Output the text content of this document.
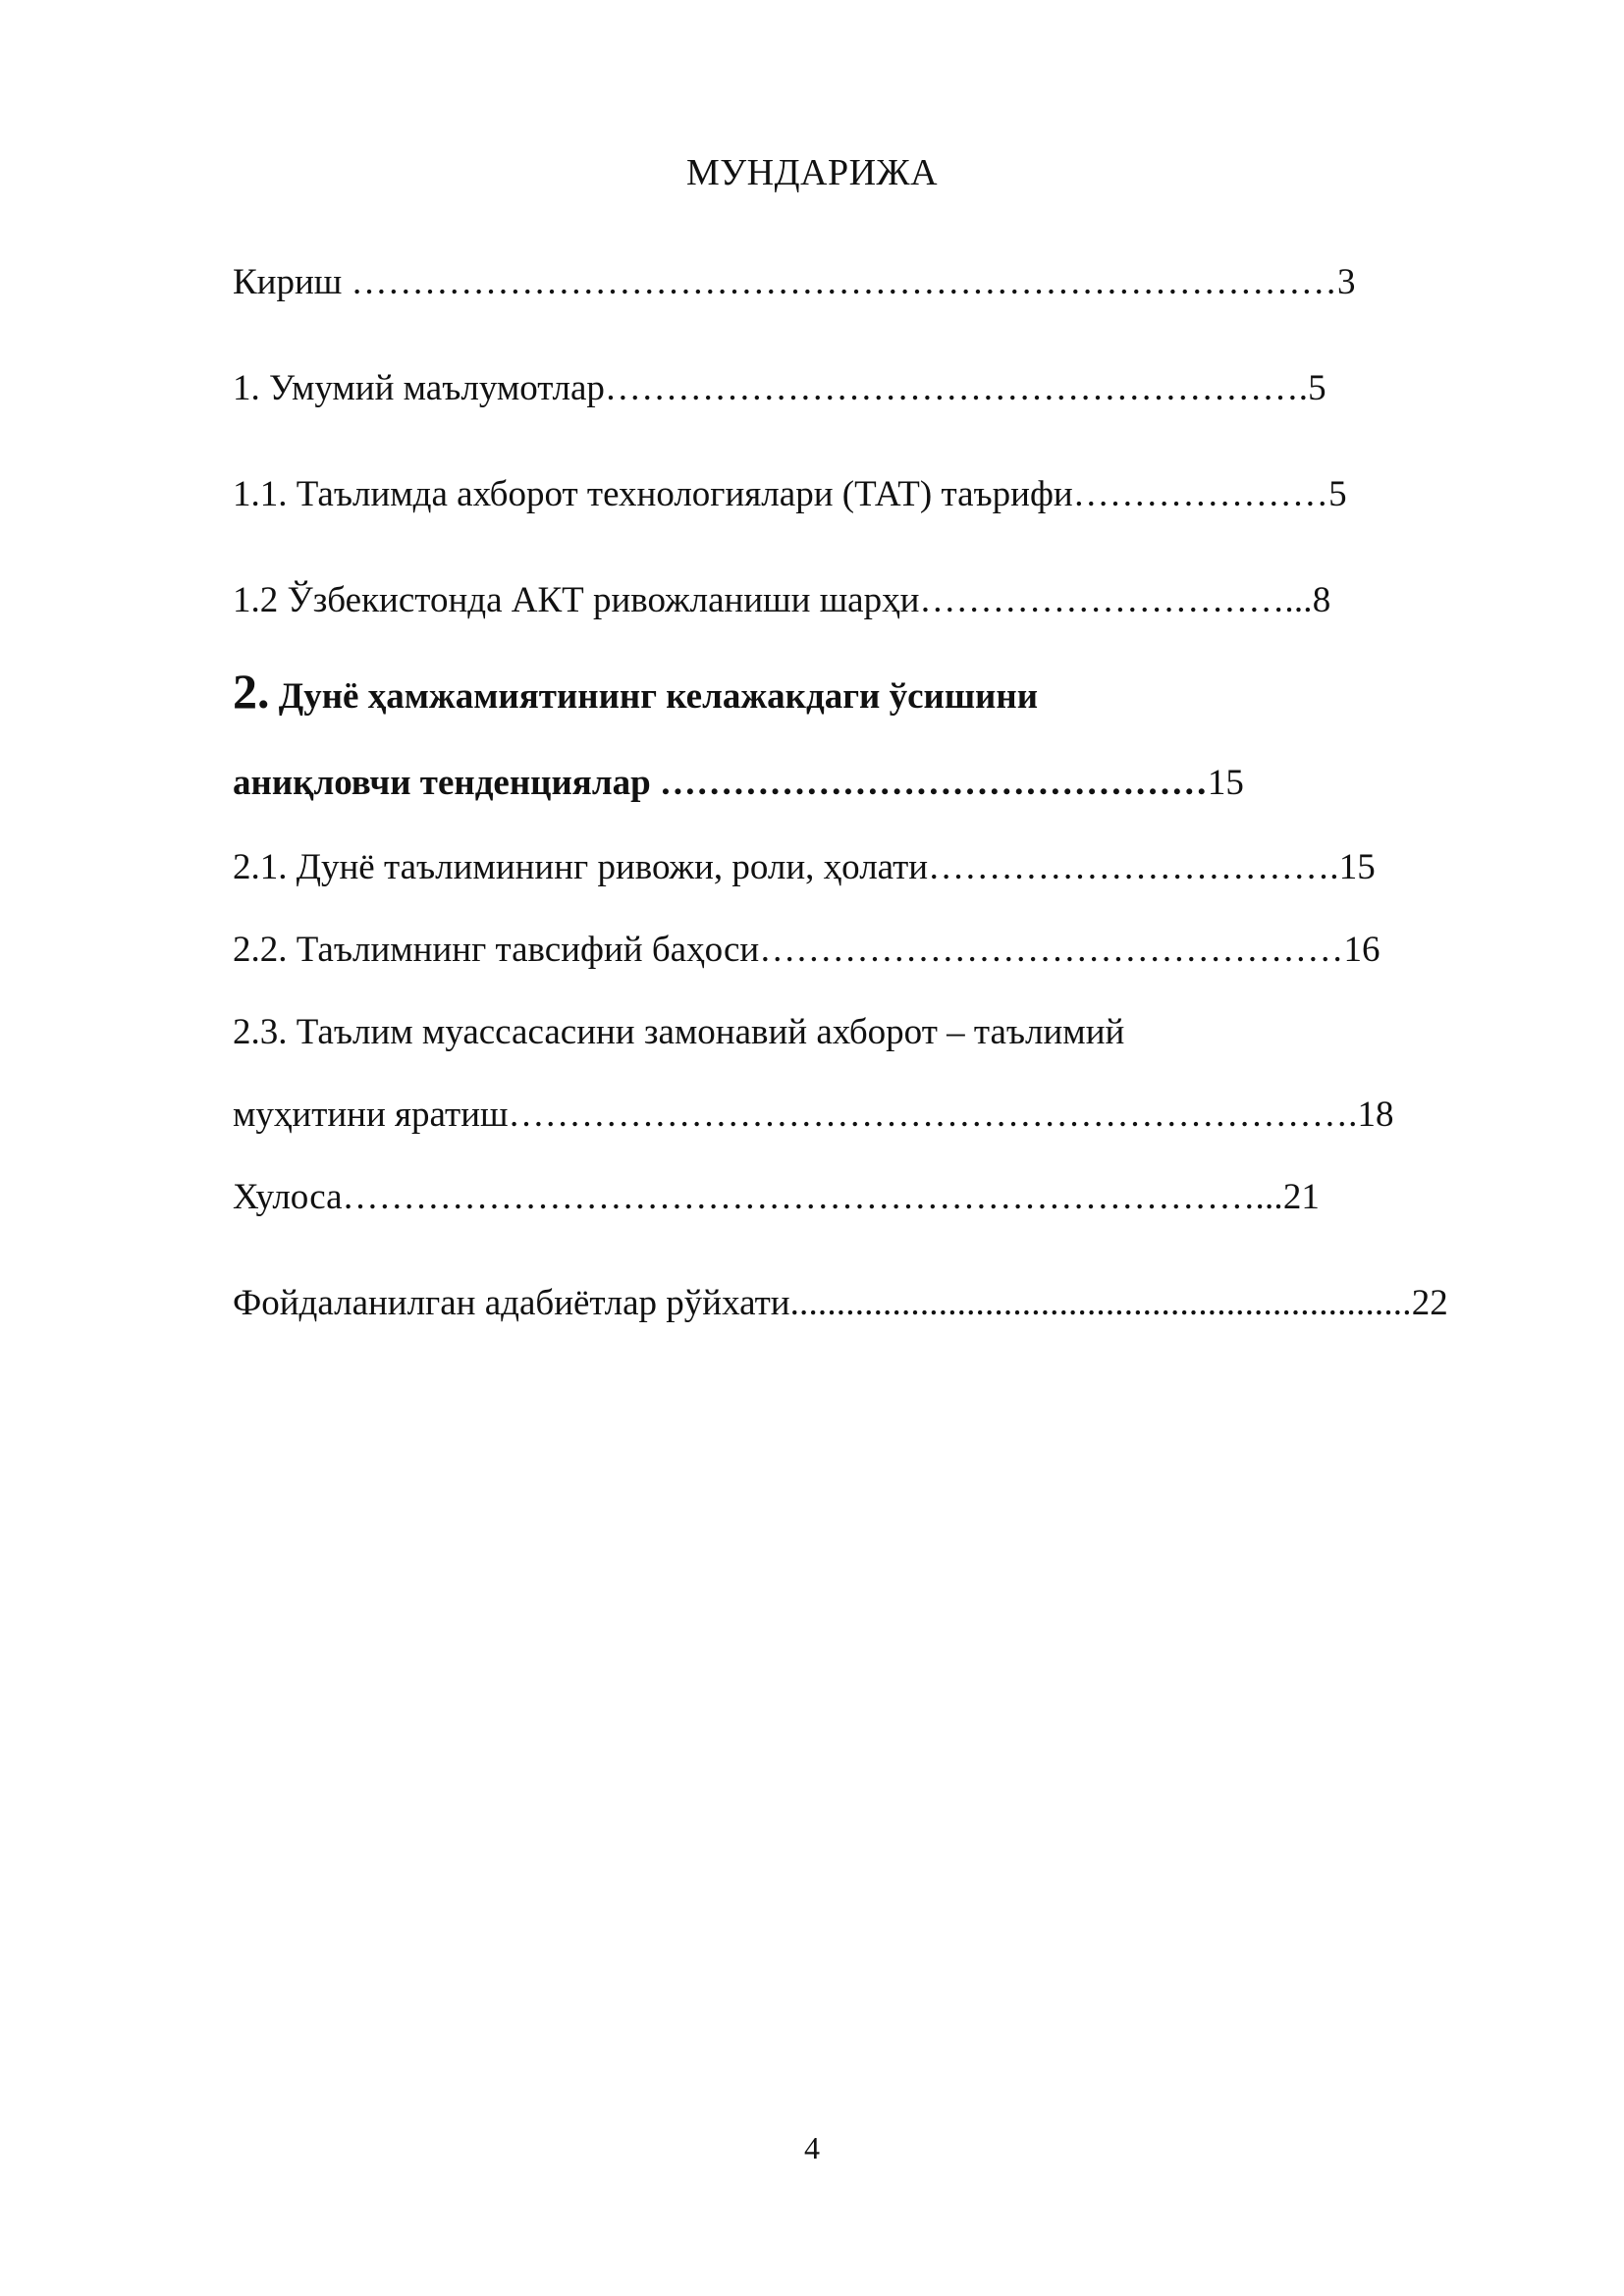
МУНДАРИЖА
Кириш ………………………………………………………………………3
1. Умумий маълумотлар………………………………………………….5
1.1. Таълимда ахборот технологиялари (ТАТ) таърифи…………………5
1.2 Ўзбекистонда АКТ ривожланиши шарҳи…………………………...8
2. Дунё ҳамжамиятининг келажакдаги ўсишини
аниқловчи тенденциялар ………………………………………15
2.1. Дунё таълимининг ривожи, роли, ҳолати…………………………….15
2.2. Таълимнинг тавсифий баҳоси…………………………………………16
2.3. Таълим муассасасини замонавий ахборот – таълимий
муҳитини яратиш…………………………………………………………….18
Хулоса…………………………………………………………………...21
Фойдаланилган адабиётлар рўйхати...................................................................22
4
